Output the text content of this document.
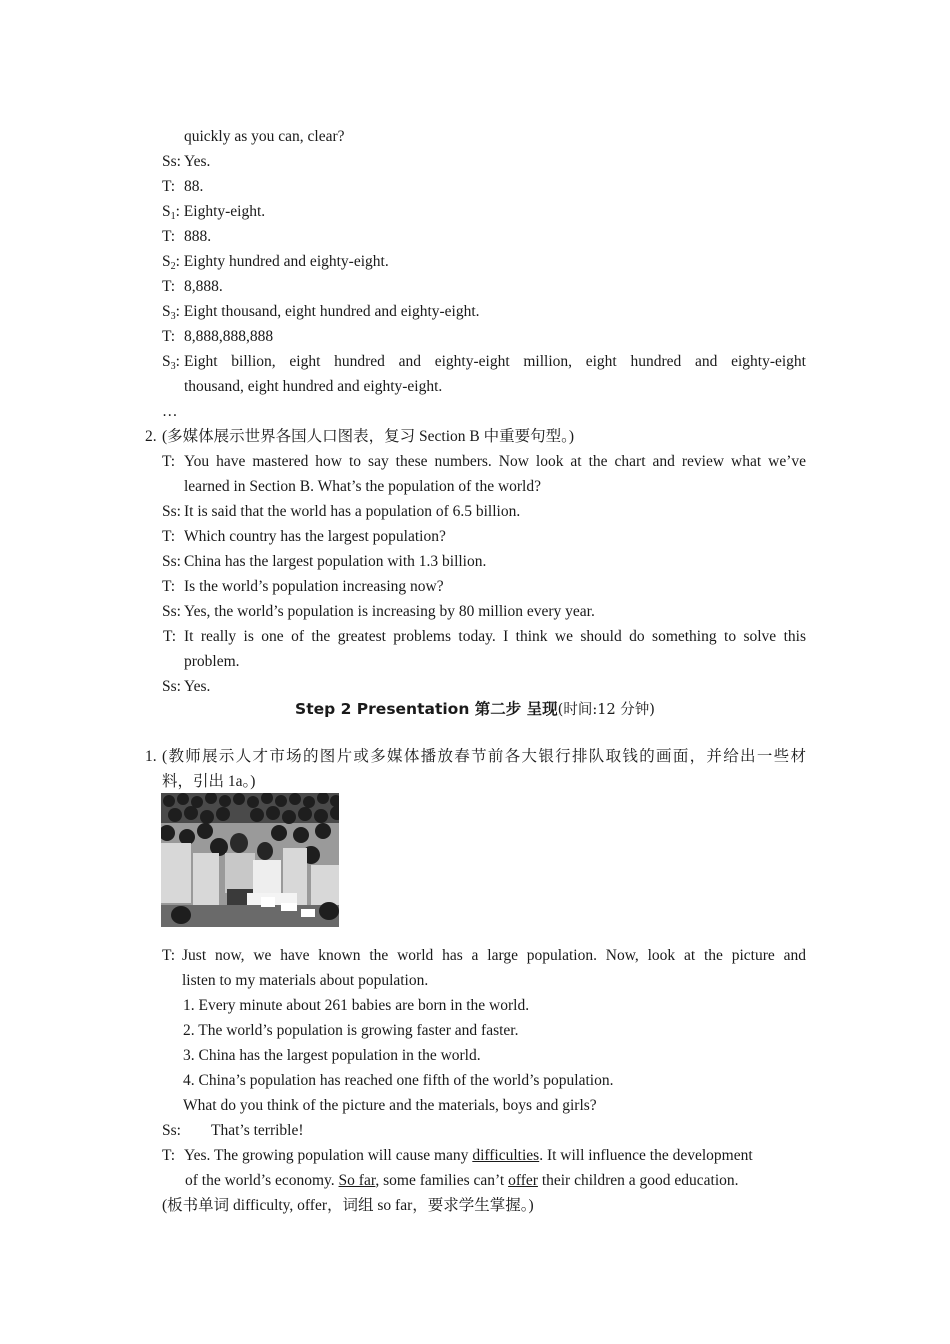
quickly as you can, clear?
Ss: Yes.
T: 88.
$S_1$: Eighty-eight.
T: 888.
$S_2$: Eighty hundred and eighty-eight.
T: 8,888.
$S_3$: Eight thousand, eight hundred and eighty-eight.
T: 8,888,888,888
$S_3$: Eight billion, eight hundred and eighty-eight million, eight hundred and eighty-eight
thousand, eight hundred and eighty-eight.
…
2. (多媒体展示世界各国人口图表，复习 Section B 中重要句型。)
T: You have mastered how to say these numbers. Now look at the chart and review what we’ve
learned in Section B. What’s the population of the world?
Ss: It is said that the world has a population of 6.5 billion.
T: Which country has the largest population?
Ss: China has the largest population with 1.3 billion.
T: Is the world’s population increasing now?
Ss: Yes, the world’s population is increasing by 80 million every year.
T: It really is one of the greatest problems today. I think we should do something to solve this
problem.
Ss: Yes.
Step 2 Presentation 第二步 呈现(时间:12 分钟)
1. (教师展示人才市场的图片或多媒体播放春节前各大银行排队取钱的画面，并给出一些材
料，引出 1a。)
T: Just now, we have known the world has a large population. Now, look at the picture and
listen to my materials about population.
1. Every minute about 261 babies are born in the world.
2. The world’s population is growing faster and faster.
3. China has the largest population in the world.
4. China’s population has reached one fifth of the world’s population.
What do you think of the picture and the materials, boys and girls?
Ss: That’s terrible!
T: Yes. The growing population will cause many difficulties. It will influence the development
of the world’s economy. So far, some families can’t offer their children a good education.
(板书单词 difficulty, offer，词组 so far，要求学生掌握。)
